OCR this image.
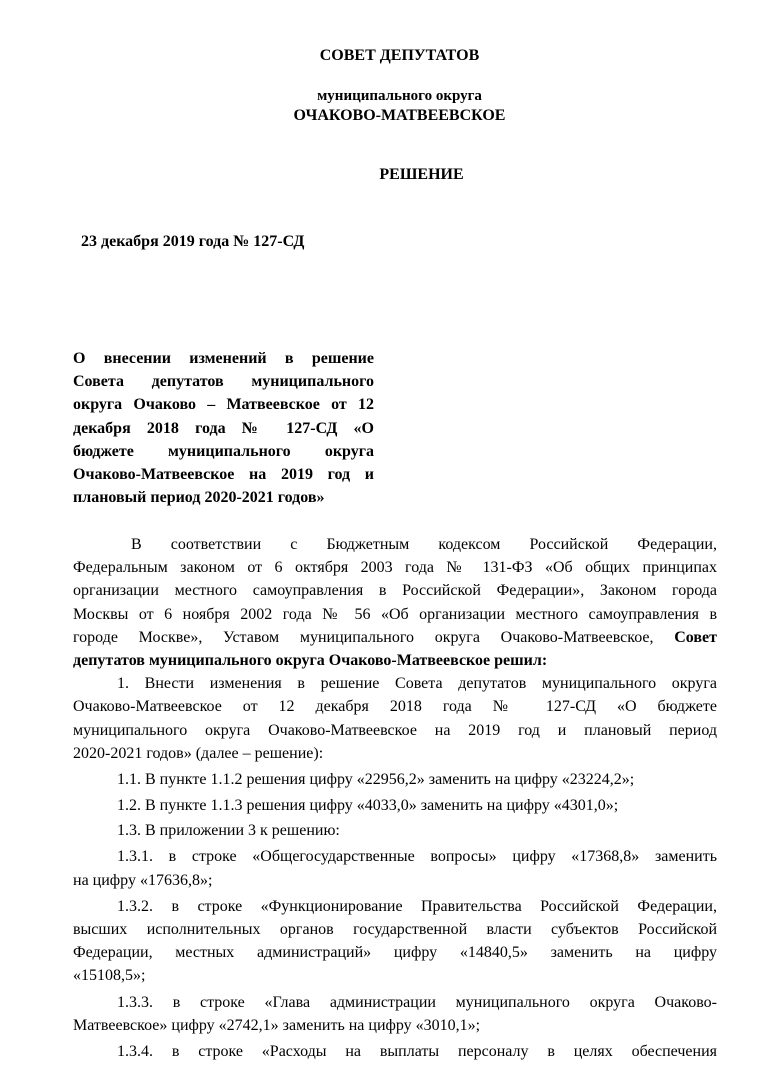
СОВЕТ ДЕПУТАТОВ
муниципального округа
ОЧАКОВО-МАТВЕЕВСКОЕ
РЕШЕНИЕ
23 декабря 2019 года № 127-СД
О внесении изменений в решение
Совета депутатов муниципального
округа Очаково – Матвеевское от 12
декабря 2018 года № 127-СД «О
бюджете муниципального округа
Очаково-Матвеевское на 2019 год и
плановый период 2020-2021 годов»
В соответствии с Бюджетным кодексом Российской Федерации,
Федеральным законом от 6 октября 2003 года № 131-ФЗ «Об общих принципах
организации местного самоуправления в Российской Федерации», Законом города
Москвы от 6 ноября 2002 года № 56 «Об организации местного самоуправления в
городе Москве», Уставом муниципального округа Очаково-Матвеевское, Совет
депутатов муниципального округа Очаково-Матвеевское решил:
1. Внести изменения в решение Совета депутатов муниципального округа
Очаково-Матвеевское от 12 декабря 2018 года № 127-СД «О бюджете
муниципального округа Очаково-Матвеевское на 2019 год и плановый период
2020-2021 годов» (далее – решение):
1.1. В пункте 1.1.2 решения цифру «22956,2» заменить на цифру «23224,2»;
1.2. В пункте 1.1.3 решения цифру «4033,0» заменить на цифру «4301,0»;
1.3. В приложении 3 к решению:
1.3.1. в строке «Общегосударственные вопросы» цифру «17368,8» заменить
на цифру «17636,8»;
1.3.2. в строке «Функционирование Правительства Российской Федерации,
высших исполнительных органов государственной власти субъектов Российской
Федерации, местных администраций» цифру «14840,5» заменить на цифру
«15108,5»;
1.3.3. в строке «Глава администрации муниципального округа Очаково-
Матвеевское» цифру «2742,1» заменить на цифру «3010,1»;
1.3.4. в строке «Расходы на выплаты персоналу в целях обеспечения
